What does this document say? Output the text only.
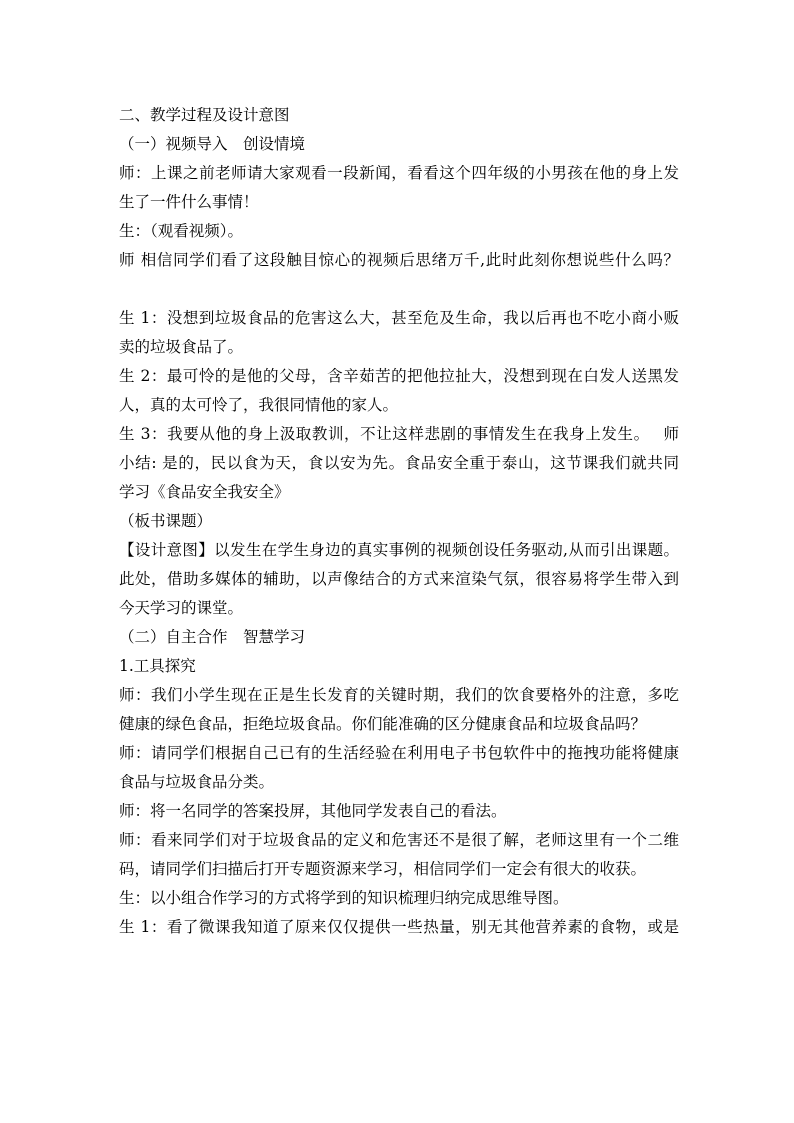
二、教学过程及设计意图
（一）视频导入　创设情境
师：上课之前老师请大家观看一段新闻，看看这个四年级的小男孩在他的身上发
生了一件什么事情！
生：（观看视频）。
师 相信同学们看了这段触目惊心的视频后思绪万千,此时此刻你想说些什么吗？
生 1：没想到垃圾食品的危害这么大，甚至危及生命，我以后再也不吃小商小贩
卖的垃圾食品了。
生 2：最可怜的是他的父母，含辛茹苦的把他拉扯大，没想到现在白发人送黑发
人，真的太可怜了，我很同情他的家人。
生 3：我要从他的身上汲取教训，不让这样悲剧的事情发生在我身上发生。　 师
小结: 是的，民以食为天，食以安为先。食品安全重于泰山，这节课我们就共同
学习《食品安全我安全》
（板书课题）
【设计意图】以发生在学生身边的真实事例的视频创设任务驱动,从而引出课题。
此处，借助多媒体的辅助，以声像结合的方式来渲染气氛，很容易将学生带入到
今天学习的课堂。
（二）自主合作　智慧学习
1.工具探究
师：我们小学生现在正是生长发育的关键时期，我们的饮食要格外的注意，多吃
健康的绿色食品，拒绝垃圾食品。你们能准确的区分健康食品和垃圾食品吗？
师：请同学们根据自己已有的生活经验在利用电子书包软件中的拖拽功能将健康
食品与垃圾食品分类。
师：将一名同学的答案投屏，其他同学发表自己的看法。
师：看来同学们对于垃圾食品的定义和危害还不是很了解，老师这里有一个二维
码，请同学们扫描后打开专题资源来学习，相信同学们一定会有很大的收获。
生：以小组合作学习的方式将学到的知识梳理归纳完成思维导图。
生 1：看了微课我知道了原来仅仅提供一些热量，别无其他营养素的食物，或是
